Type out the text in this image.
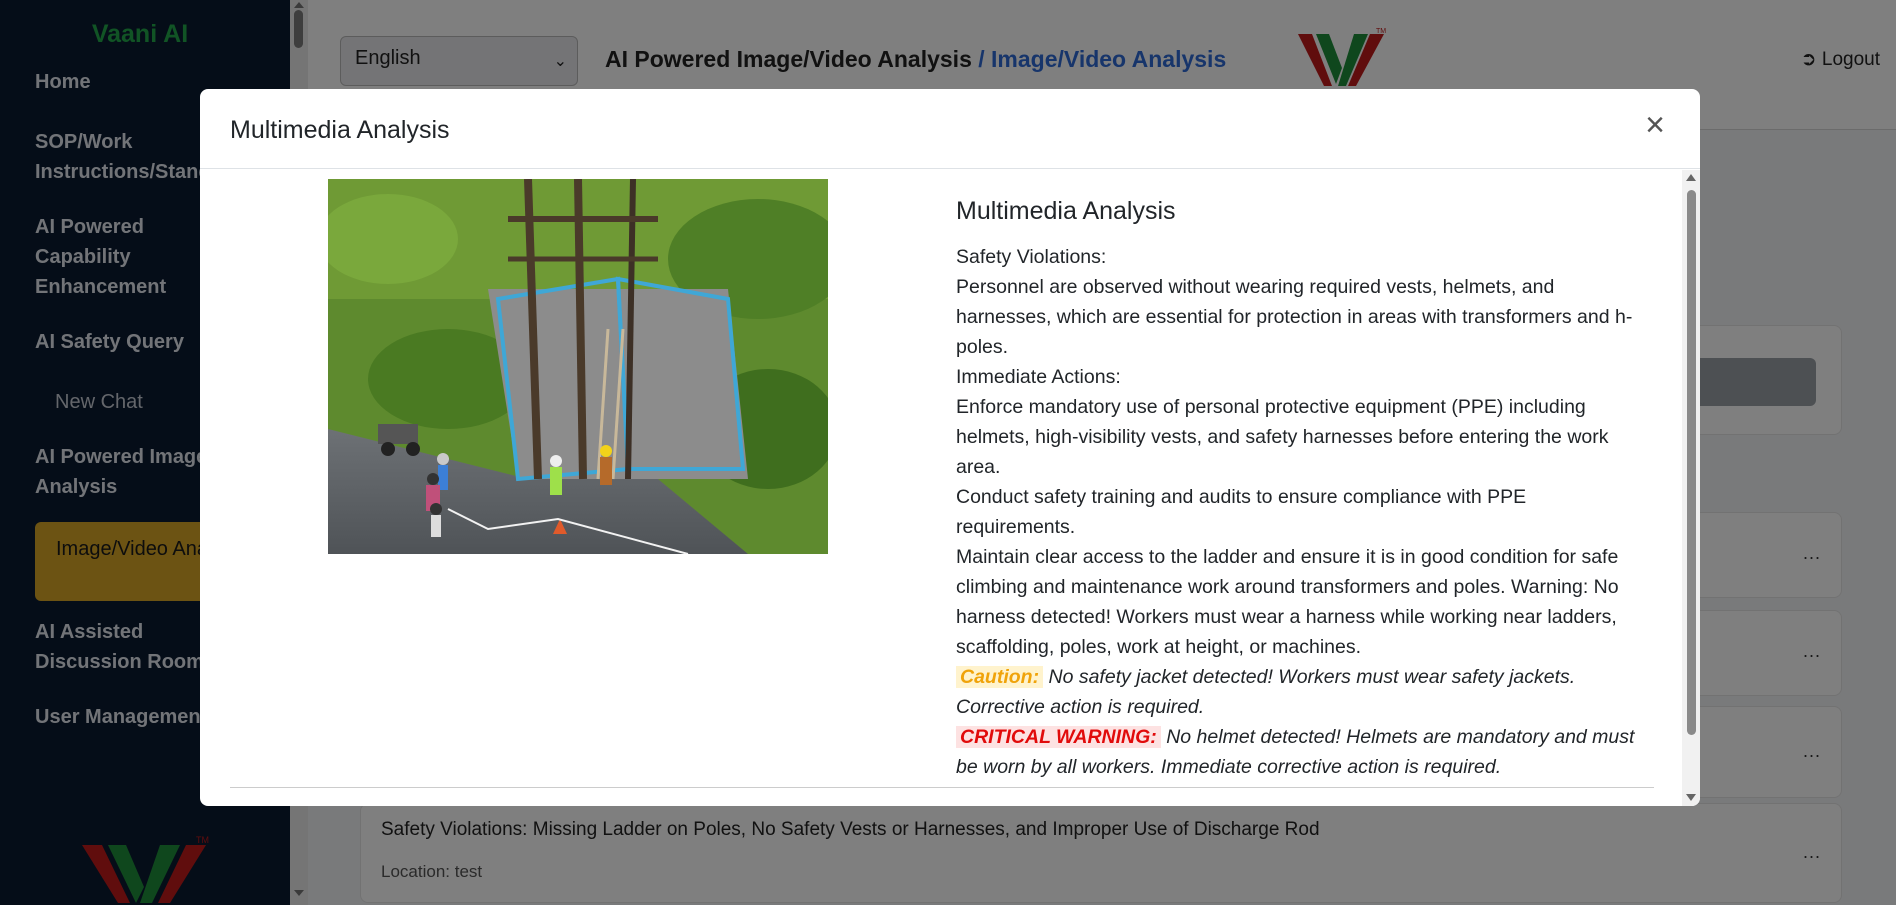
Multimedia Analysis	×
Multimedia Analysis

Safety Violations:

Personnel are observed without wearing required vests, helmets, and harnesses, which are essential for protection in areas with transformers and h-poles.

Immediate Actions:

Enforce mandatory use of personal protective equipment (PPE) including helmets, high-visibility vests, and safety harnesses before entering the work area.

Conduct safety training and audits to ensure compliance with PPE requirements.

Maintain clear access to the ladder and ensure it is in good condition for safe climbing and maintenance work around transformers and poles. Warning: No harness detected! Workers must wear a harness while working near ladders, scaffolding, poles, work at height, or machines.

Caution: No safety jacket detected! Workers must wear safety jackets. Corrective action is required.

CRITICAL WARNING: No helmet detected! Helmets are mandatory and must be worn by all workers. Immediate corrective action is required.
